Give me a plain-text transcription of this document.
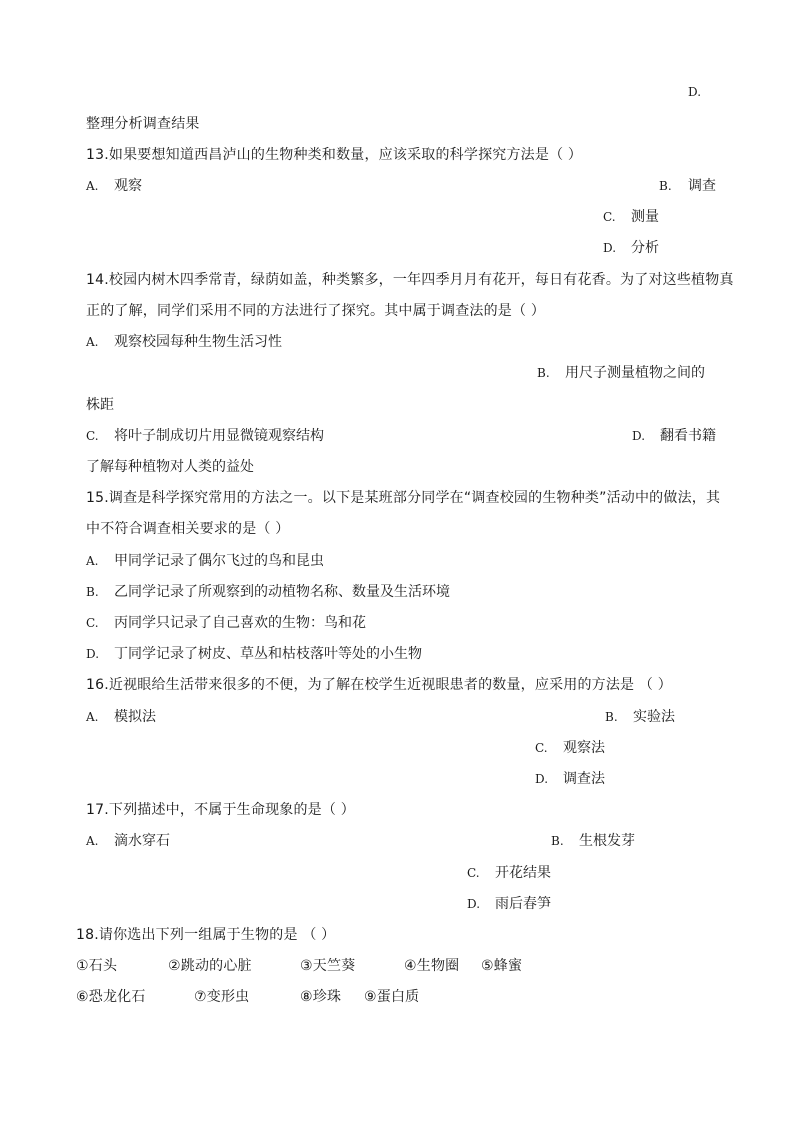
D.
整理分析调查结果
13.如果要想知道西昌泸山的生物种类和数量，应该采取的科学探究方法是（ ）
A. 观察	B. 调查
C. 测量
D. 分析
14.校园内树木四季常青，绿荫如盖，种类繁多，一年四季月月有花开，每日有花香。为了对这些植物真
正的了解，同学们采用不同的方法进行了探究。其中属于调查法的是（ ）
A. 观察校园每种生物生活习性
B. 用尺子测量植物之间的
株距
C. 将叶子制成切片用显微镜观察结构	D. 翻看书籍
了解每种植物对人类的益处
15.调查是科学探究常用的方法之一。以下是某班部分同学在“调查校园的生物种类”活动中的做法，其
中不符合调查相关要求的是（ ）
A. 甲同学记录了偶尔飞过的鸟和昆虫
B. 乙同学记录了所观察到的动植物名称、数量及生活环境
C. 丙同学只记录了自己喜欢的生物：鸟和花
D. 丁同学记录了树皮、草丛和枯枝落叶等处的小生物
16.近视眼给生活带来很多的不便，为了解在校学生近视眼患者的数量，应采用的方法是 （ ）
A. 模拟法	B. 实验法
C. 观察法
D. 调查法
17.下列描述中，不属于生命现象的是（ ）
A. 滴水穿石	B. 生根发芽
C. 开花结果
D. 雨后春笋
18.请你选出下列一组属于生物的是 （ ）
①石头	②跳动的心脏	③天竺葵	④生物圈 ⑤蜂蜜
⑥恐龙化石	⑦变形虫	⑧珍珠 ⑨蛋白质
